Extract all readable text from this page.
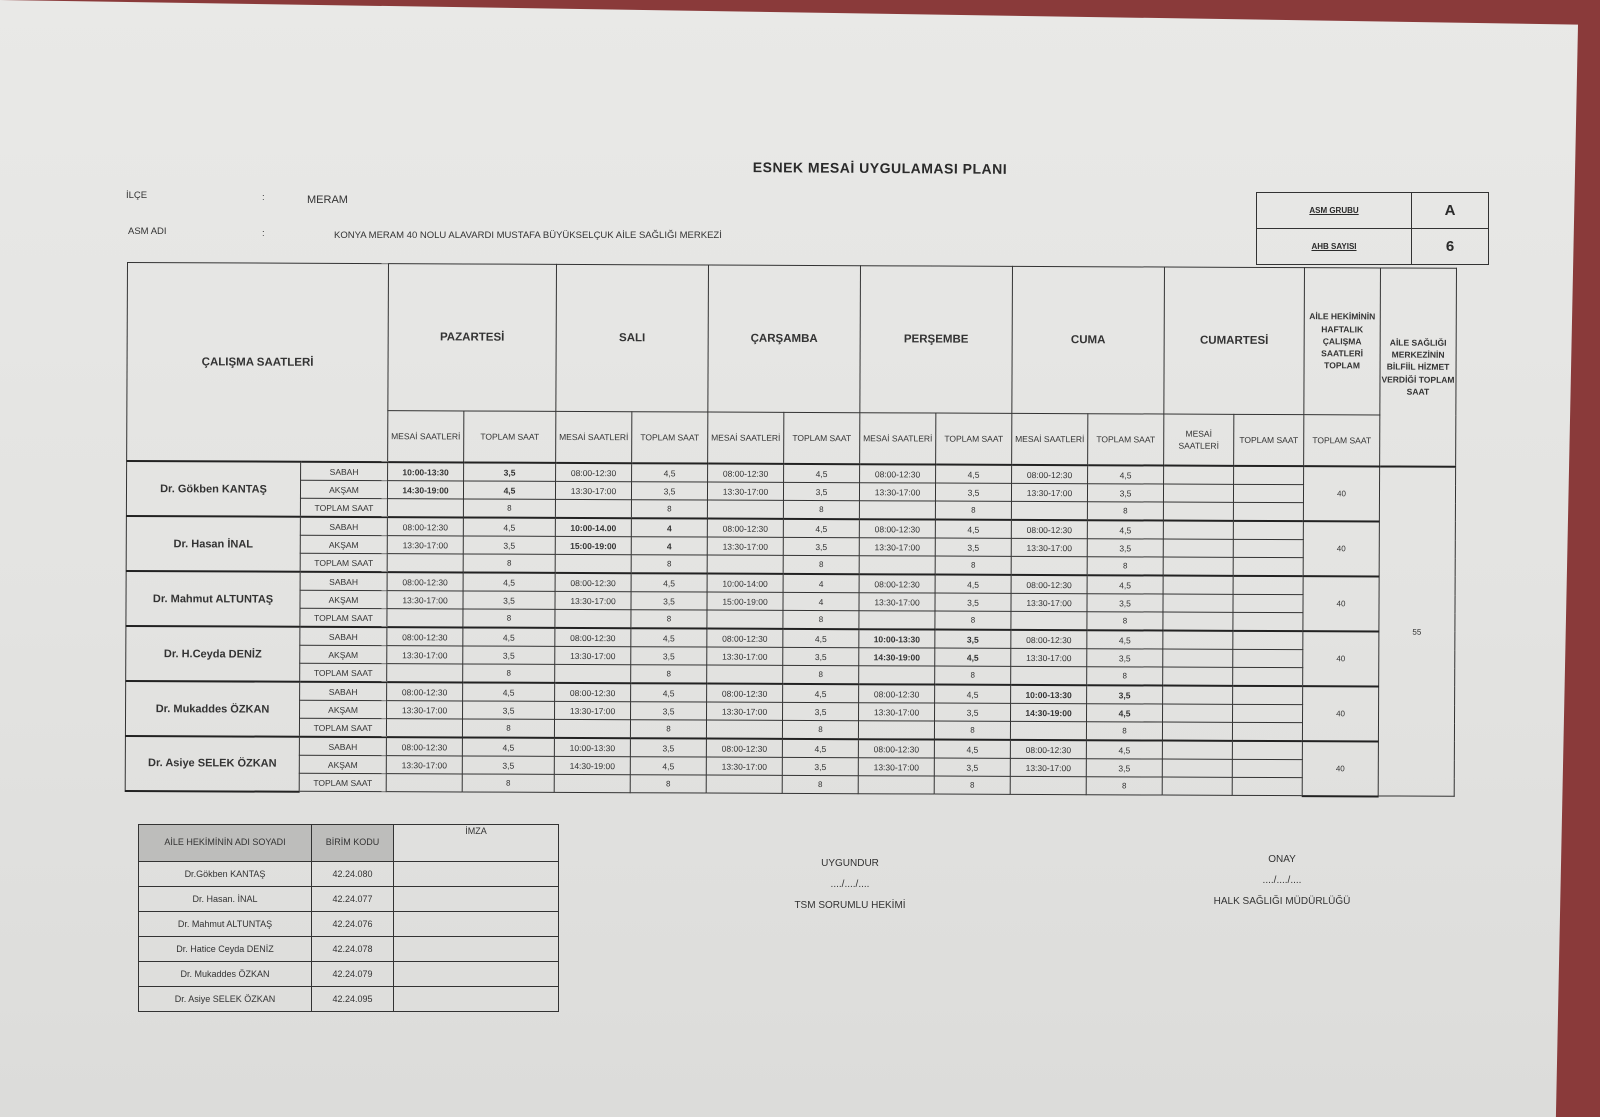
ESNEK MESAİ UYGULAMASI PLANI
İLÇE	:	MERAM
ASM ADI	:	KONYA MERAM 40 NOLU ALAVARDI MUSTAFA BÜYÜKSELÇUK AİLE SAĞLIĞI MERKEZİ
ASM GRUBU	A
AHB SAYISI	6
ÇALIŞMA SAATLERİ		PAZARTESİ		SALI		ÇARŞAMBA		PERŞEMBE		CUMA		CUMARTESİ		AİLE HEKİMİNİN HAFTALIK ÇALIŞMA SAATLERİ TOPLAM	AİLE SAĞLIĞI MERKEZİNİN BİLFİİL HİZMET VERDİĞİ TOPLAM SAAT
		MESAİ SAATLERİ	TOPLAM SAAT	MESAİ SAATLERİ	TOPLAM SAAT	MESAİ SAATLERİ	TOPLAM SAAT	MESAİ SAATLERİ	TOPLAM SAAT	MESAİ SAATLERİ	TOPLAM SAAT	MESAİ SAATLERİ	TOPLAM SAAT	TOPLAM SAAT	
Dr. Gökben KANTAŞ	SABAH	10:00-13:30	3,5	08:00-12:30	4,5	08:00-12:30	4,5	08:00-12:30	4,5	08:00-12:30	4,5			40	55
	AKŞAM	14:30-19:00	4,5	13:30-17:00	3,5	13:30-17:00	3,5	13:30-17:00	3,5	13:30-17:00	3,5				
	TOPLAM SAAT		8		8		8		8		8				
Dr. Hasan İNAL	SABAH	08:00-12:30	4,5	10:00-14.00	4	08:00-12:30	4,5	08:00-12:30	4,5	08:00-12:30	4,5			40	
	AKŞAM	13:30-17:00	3,5	15:00-19:00	4	13:30-17:00	3,5	13:30-17:00	3,5	13:30-17:00	3,5				
	TOPLAM SAAT		8		8		8		8		8				
Dr. Mahmut ALTUNTAŞ	SABAH	08:00-12:30	4,5	08:00-12:30	4,5	10:00-14:00	4	08:00-12:30	4,5	08:00-12:30	4,5			40	
	AKŞAM	13:30-17:00	3,5	13:30-17:00	3,5	15:00-19:00	4	13:30-17:00	3,5	13:30-17:00	3,5				
	TOPLAM SAAT		8		8		8		8		8				
Dr. H.Ceyda DENİZ	SABAH	08:00-12:30	4,5	08:00-12:30	4,5	08:00-12:30	4,5	10:00-13:30	3,5	08:00-12:30	4,5			40	
	AKŞAM	13:30-17:00	3,5	13:30-17:00	3,5	13:30-17:00	3,5	14:30-19:00	4,5	13:30-17:00	3,5				
	TOPLAM SAAT		8		8		8		8		8				
Dr. Mukaddes ÖZKAN	SABAH	08:00-12:30	4,5	08:00-12:30	4,5	08:00-12:30	4,5	08:00-12:30	4,5	10:00-13:30	3,5			40	
	AKŞAM	13:30-17:00	3,5	13:30-17:00	3,5	13:30-17:00	3,5	13:30-17:00	3,5	14:30-19:00	4,5				
	TOPLAM SAAT		8		8		8		8		8				
Dr. Asiye SELEK ÖZKAN	SABAH	08:00-12:30	4,5	10:00-13:30	3,5	08:00-12:30	4,5	08:00-12:30	4,5	08:00-12:30	4,5			40	
	AKŞAM	13:30-17:00	3,5	14:30-19:00	4,5	13:30-17:00	3,5	13:30-17:00	3,5	13:30-17:00	3,5				
	TOPLAM SAAT		8		8		8		8		8				
AİLE HEKİMİNİN ADI SOYADI	BİRİM KODU	İMZA
Dr.Gökben KANTAŞ	42.24.080	
Dr. Hasan. İNAL	42.24.077	
Dr. Mahmut ALTUNTAŞ	42.24.076	
Dr. Hatice Ceyda DENİZ	42.24.078	
Dr. Mukaddes ÖZKAN	42.24.079	
Dr. Asiye SELEK ÖZKAN	42.24.095	
UYGUNDUR
..../..../....
TSM SORUMLU HEKİMİ
ONAY
..../..../....
HALK SAĞLIĞI MÜDÜRLÜĞÜ
